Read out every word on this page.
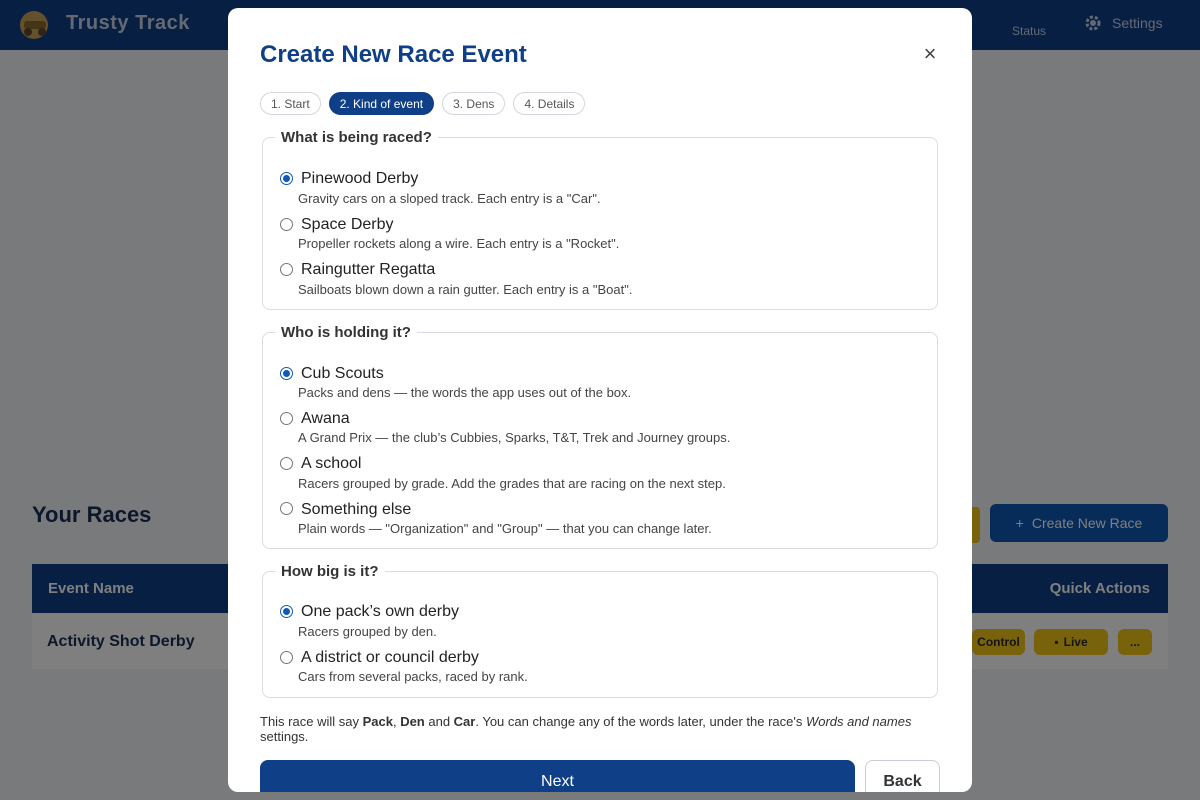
Create New Race Event	×
1. Start	2. Kind of event	3. Dens	4. Details
What is being raced?
Pinewood Derby
Gravity cars on a sloped track. Each entry is a "Car".
Space Derby
Propeller rockets along a wire. Each entry is a "Rocket".
Raingutter Regatta
Sailboats blown down a rain gutter. Each entry is a "Boat".
Who is holding it?
Cub Scouts
Packs and dens — the words the app uses out of the box.
Awana
A Grand Prix — the club’s Cubbies, Sparks, T&T, Trek and Journey groups.
A school
Racers grouped by grade. Add the grades that are racing on the next step.
Something else
Plain words — "Organization" and "Group" — that you can change later.
How big is it?
One pack’s own derby
Racers grouped by den.
A district or council derby
Cars from several packs, raced by rank.
This race will say Pack, Den and Car. You can change any of the words later, under the race's Words and names settings.
Next	Back
